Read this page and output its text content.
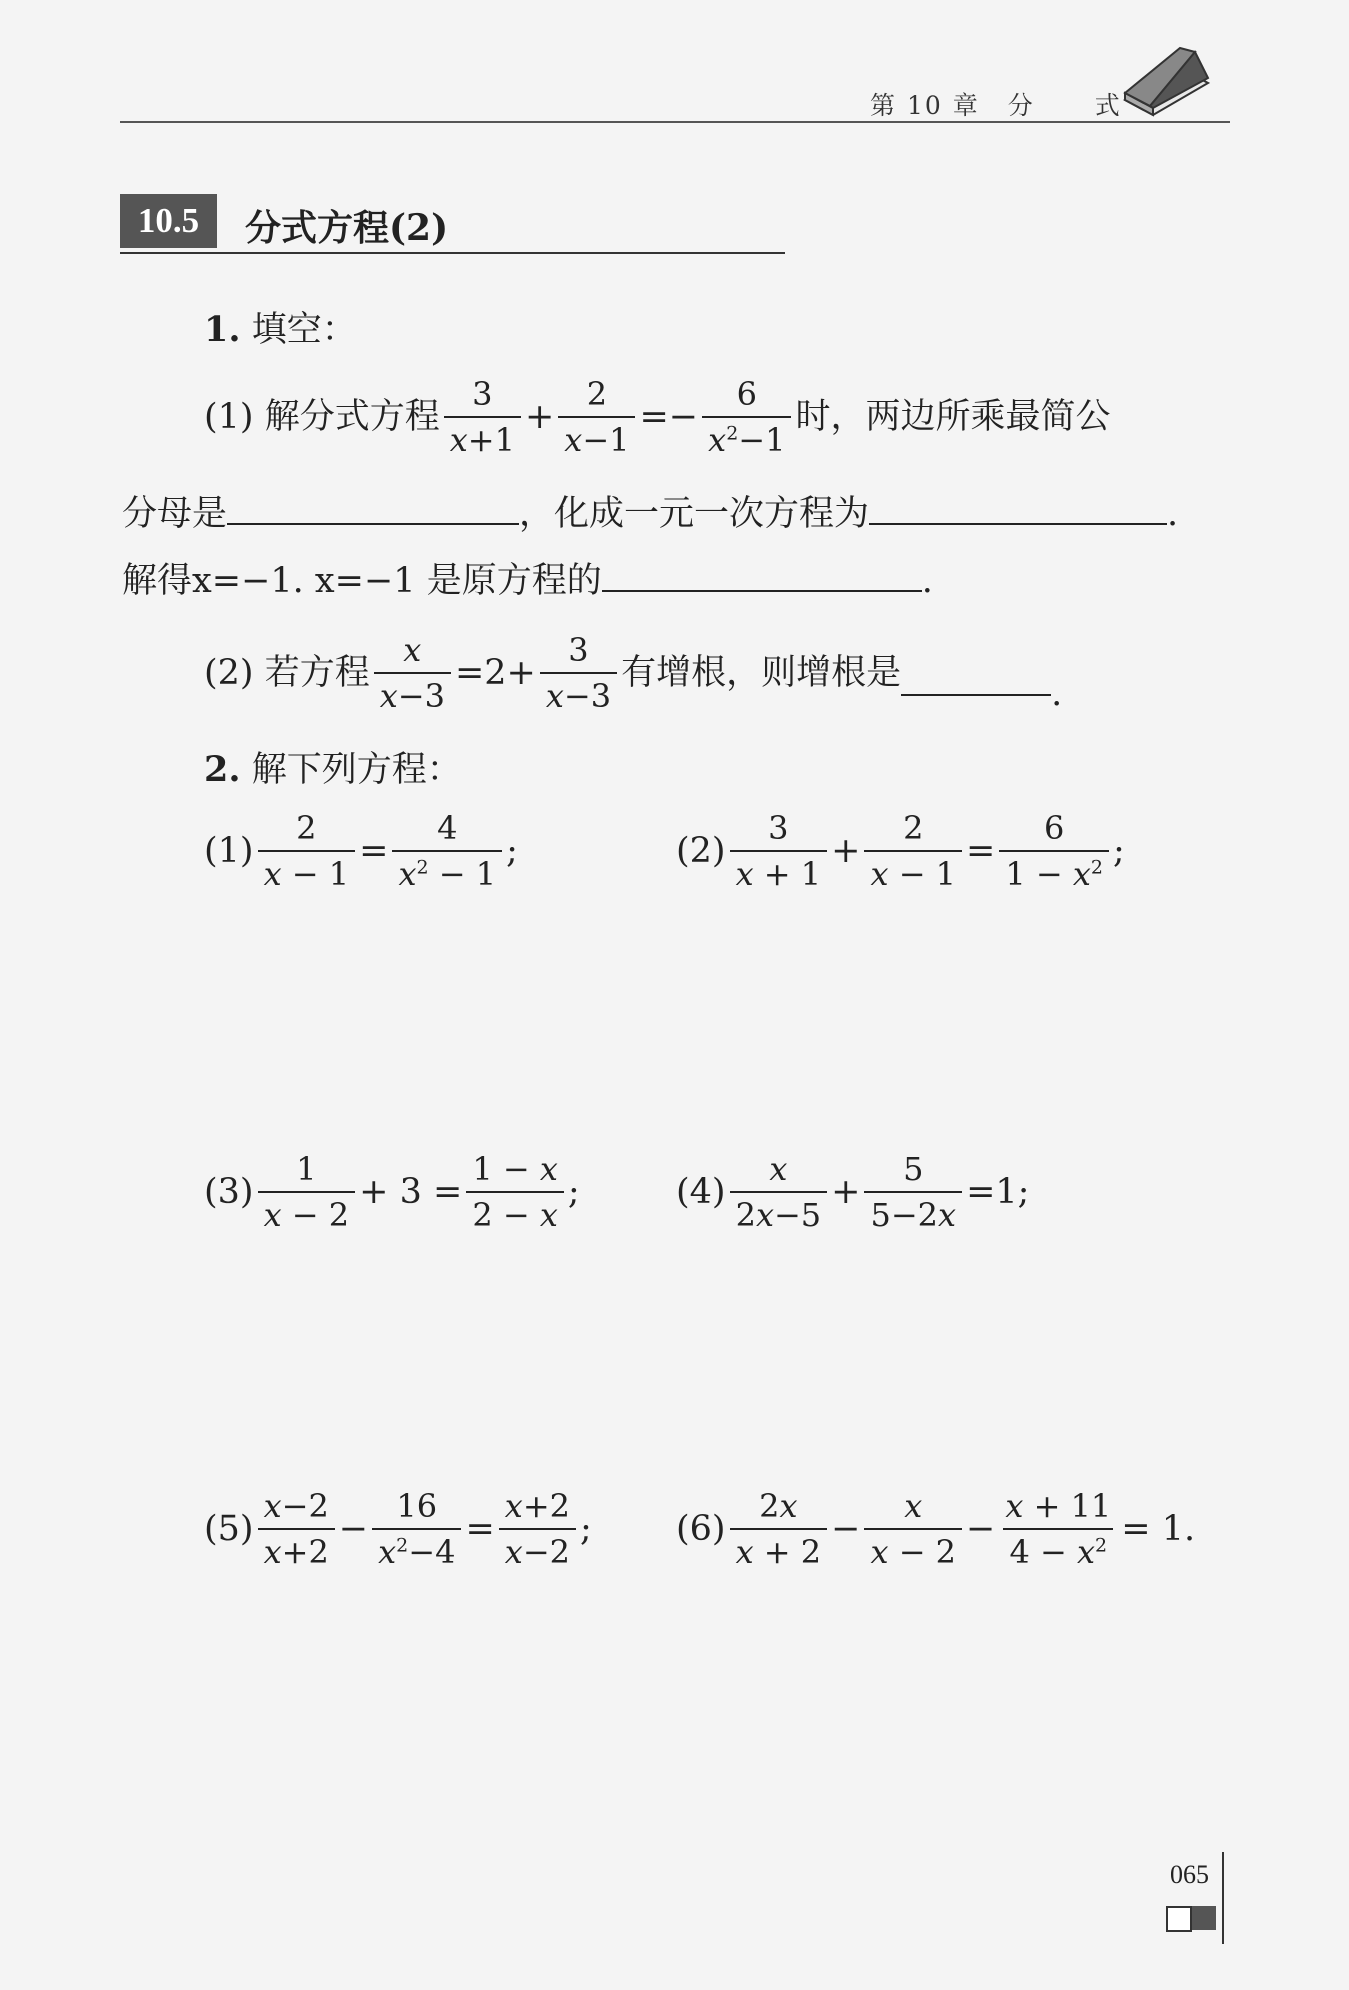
第 10 章 分 式
10.5	分式方程(2)
1. 填空：
(1) 解分式方程 $\frac{3}{x+1} + \frac{2}{x-1} =- \frac{6}{x^2-1}$ 时，两边所乘最简公
分母是	，化成一元一次方程为	.
解得x=−1. x=−1 是原方程的	.
(2) 若方程 $\frac{x}{x-3} =2+ \frac{3}{x-3}$ 有增根，则增根是
.
2. 解下列方程：
$(1) \frac{2}{x - 1} = \frac{4}{x^2 - 1}$ ;	$(2) \frac{3}{x + 1} + \frac{2}{x - 1} = \frac{6}{1 - x^2}$ ;
$(3) \frac{1}{x - 2} + 3 = \frac{1 - x}{2 - x}$ ;	$(4) \frac{x}{2x-5} + \frac{5}{5-2x} =1$;
$(5) \frac{x-2}{x+2} - \frac{16}{x^2-4} = \frac{x+2}{x-2}$ ; $(6) \frac{2x}{x + 2} - \frac{x}{x - 2} - \frac{x + 11}{4 - x^2} = 1$.
065
